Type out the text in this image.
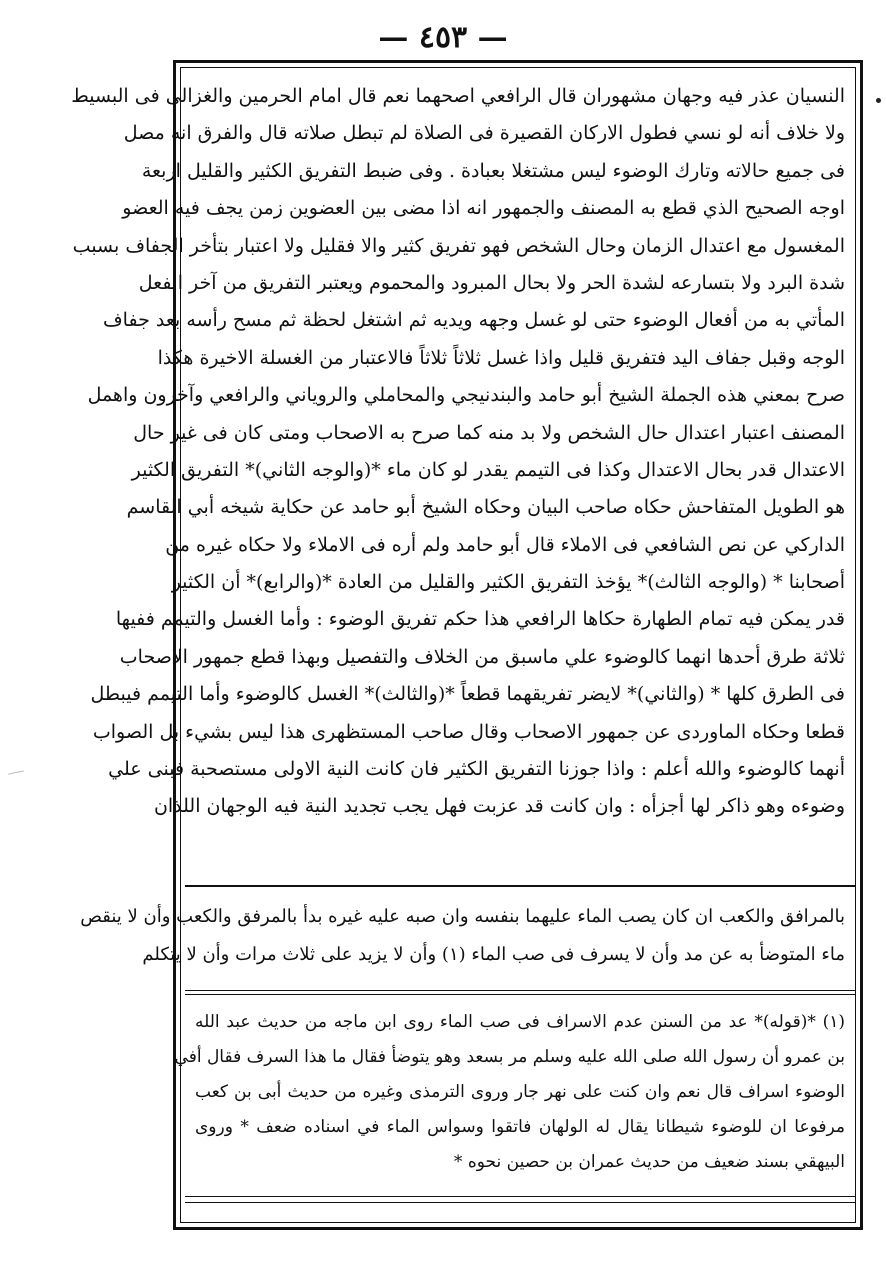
— ٤٥٣ —
النسيان عذر فيه وجهان مشهوران قال الرافعي اصحهما نعم قال امام الحرمين والغزالى فى البسيط
ولا خلاف أنه لو نسي فطول الاركان القصيرة فى الصلاة لم تبطل صلاته قال والفرق انه مصل
فى جميع حالاته وتارك الوضوء ليس مشتغلا بعبادة . وفى ضبط التفريق الكثير والقليل اربعة
اوجه الصحيح الذي قطع به المصنف والجمهور انه اذا مضى بين العضوين زمن يجف فيه العضو
المغسول مع اعتدال الزمان وحال الشخص فهو تفريق كثير والا فقليل ولا اعتبار بتأخر الجفاف بسبب
شدة البرد ولا بتسارعه لشدة الحر ولا بحال المبرود والمحموم ويعتبر التفريق من آخر الفعل
المأتي به من أفعال الوضوء حتى لو غسل وجهه ويديه ثم اشتغل لحظة ثم مسح رأسه بعد جفاف
الوجه وقبل جفاف اليد فتفريق قليل واذا غسل ثلاثاً ثلاثاً فالاعتبار من الغسلة الاخيرة هكذا
صرح بمعني هذه الجملة الشيخ أبو حامد والبندنيجي والمحاملي والروياني والرافعي وآخرون واهمل
المصنف اعتبار اعتدال حال الشخص ولا بد منه كما صرح به الاصحاب ومتى كان فى غير حال
الاعتدال قدر بحال الاعتدال وكذا فى التيمم يقدر لو كان ماء *(والوجه الثاني)* التفريق الكثير
هو الطويل المتفاحش حكاه صاحب البيان وحكاه الشيخ أبو حامد عن حكاية شيخه أبي القاسم
الداركي عن نص الشافعي فى الاملاء قال أبو حامد ولم أره فى الاملاء ولا حكاه غيره من
أصحابنا * (والوجه الثالث)* يؤخذ التفريق الكثير والقليل من العادة *(والرابع)* أن الكثير
قدر يمكن فيه تمام الطهارة حكاها الرافعي هذا حكم تفريق الوضوء : وأما الغسل والتيمم ففيها
ثلاثة طرق أحدها انهما كالوضوء علي ماسبق من الخلاف والتفصيل وبهذا قطع جمهور الاصحاب
فى الطرق كلها * (والثاني)* لايضر تفريقهما قطعاً *(والثالث)* الغسل كالوضوء وأما التيمم فيبطل
قطعا وحكاه الماوردى عن جمهور الاصحاب وقال صاحب المستظهرى هذا ليس بشيء بل الصواب
أنهما كالوضوء والله أعلم : واذا جوزنا التفريق الكثير فان كانت النية الاولى مستصحبة فبنى علي
وضوءه وهو ذاكر لها أجزأه : وان كانت قد عزبت فهل يجب تجديد النية فيه الوجهان اللذان
بالمرافق والكعب ان كان يصب الماء عليهما بنفسه وان صبه عليه غيره بدأ بالمرفق والكعب وأن لا ينقص
ماء المتوضأ به عن مد وأن لا يسرف فى صب الماء (١) وأن لا يزيد على ثلاث مرات وأن لا يتكلم
(١) *(قوله)* عد من السنن عدم الاسراف فى صب الماء روى ابن ماجه من حديث عبد الله
بن عمرو أن رسول الله صلى الله عليه وسلم مر بسعد وهو يتوضأ فقال ما هذا السرف فقال أفي
الوضوء اسراف قال نعم وان كنت على نهر جار وروى الترمذى وغيره من حديث أبى بن كعب
مرفوعا ان للوضوء شيطانا يقال له الولهان فاتقوا وسواس الماء في اسناده ضعف * وروى
البيهقي بسند ضعيف من حديث عمران بن حصين نحوه *
